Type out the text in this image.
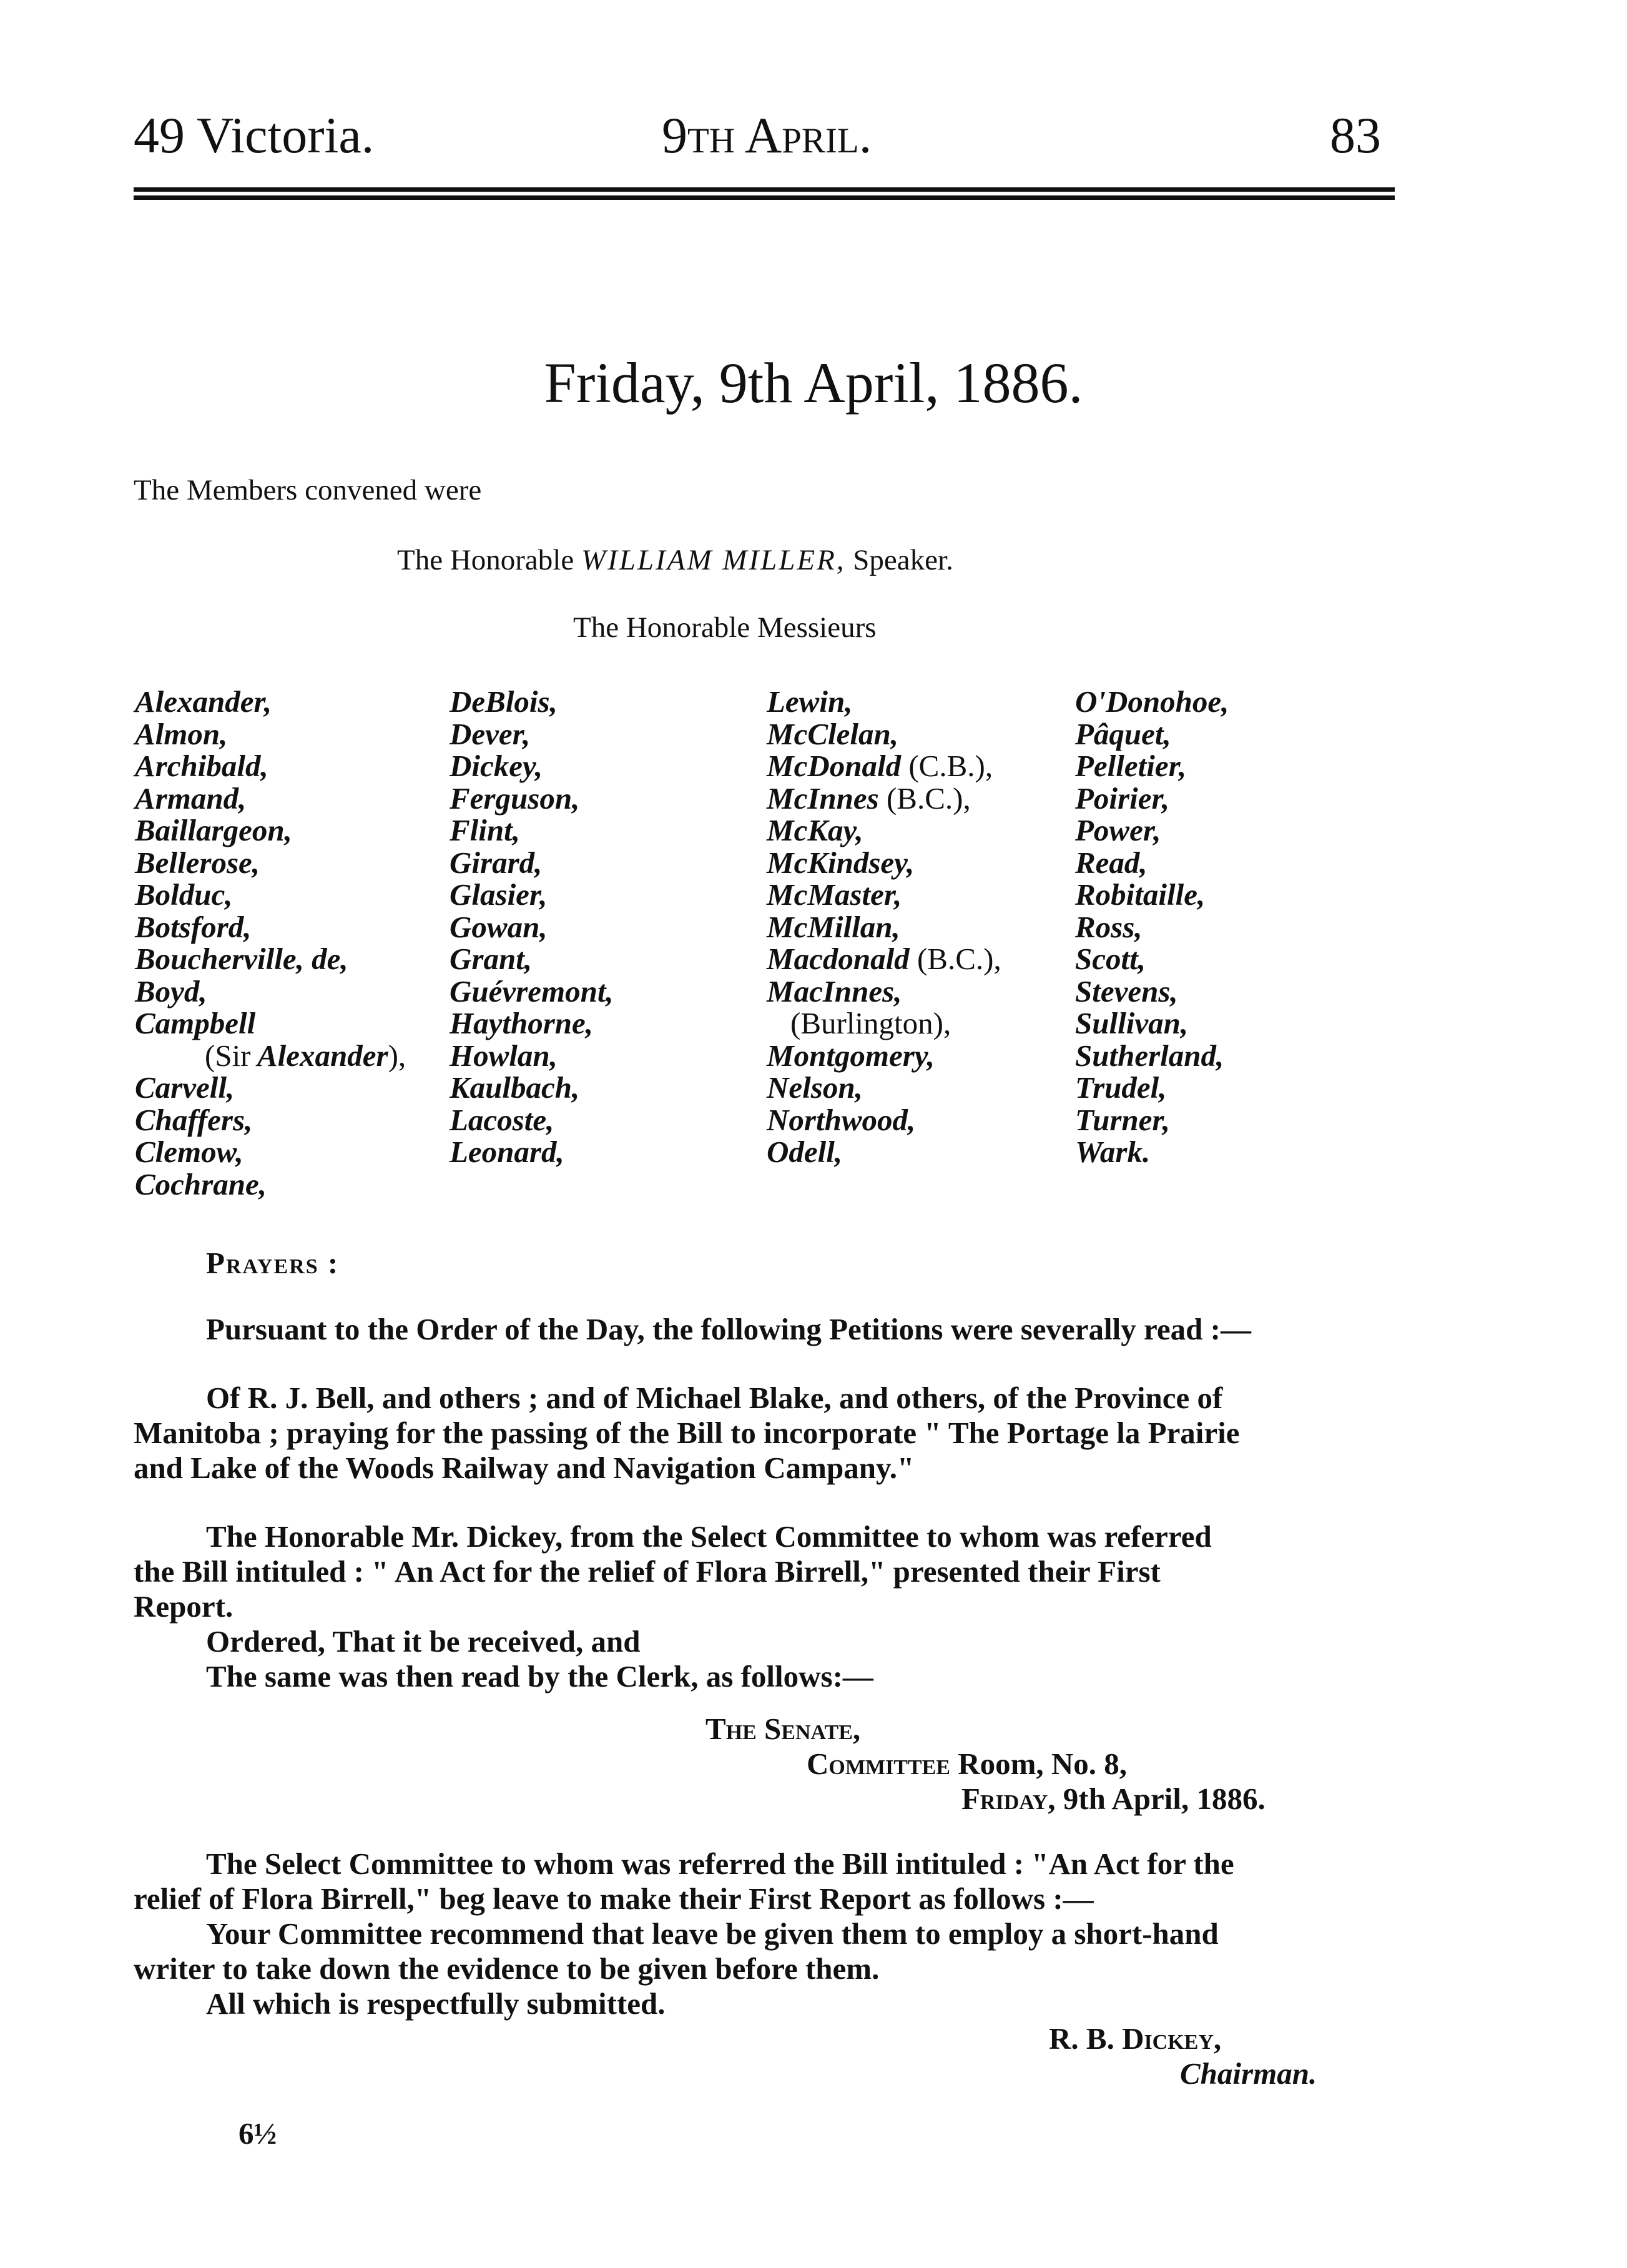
49 Victoria.	9th April.	83
Friday, 9th April, 1886.
The Members convened were
The Honorable WILLIAM MILLER, Speaker.
The Honorable Messieurs
Alexander,
Almon,
Archibald,
Armand,
Baillargeon,
Bellerose,
Bolduc,
Botsford,
Boucherville, de,
Boyd,
Campbell
(Sir Alexander),
Carvell,
Chaffers,
Clemow,
Cochrane,
DeBlois,
Dever,
Dickey,
Ferguson,
Flint,
Girard,
Glasier,
Gowan,
Grant,
Guévremont,
Haythorne,
Howlan,
Kaulbach,
Lacoste,
Leonard,
Lewin,
McClelan,
McDonald (C.B.),
McInnes (B.C.),
McKay,
McKindsey,
McMaster,
McMillan,
Macdonald (B.C.),
MacInnes,
(Burlington),
Montgomery,
Nelson,
Northwood,
Odell,
O'Donohoe,
Pâquet,
Pelletier,
Poirier,
Power,
Read,
Robitaille,
Ross,
Scott,
Stevens,
Sullivan,
Sutherland,
Trudel,
Turner,
Wark.
Prayers :
Pursuant to the Order of the Day, the following Petitions were severally read :—
Of R. J. Bell, and others ; and of Michael Blake, and others, of the Province of
Manitoba ; praying for the passing of the Bill to incorporate " The Portage la Prairie
and Lake of the Woods Railway and Navigation Campany."
The Honorable Mr. Dickey, from the Select Committee to whom was referred
the Bill intituled : " An Act for the relief of Flora Birrell," presented their First
Report.
Ordered, That it be received, and
The same was then read by the Clerk, as follows:—
The Senate,
Committee Room, No. 8,
Friday, 9th April, 1886.
The Select Committee to whom was referred the Bill intituled : "An Act for the
relief of Flora Birrell," beg leave to make their First Report as follows :—
Your Committee recommend that leave be given them to employ a short-hand
writer to take down the evidence to be given before them.
All which is respectfully submitted.
R. B. Dickey,
Chairman.
6½
